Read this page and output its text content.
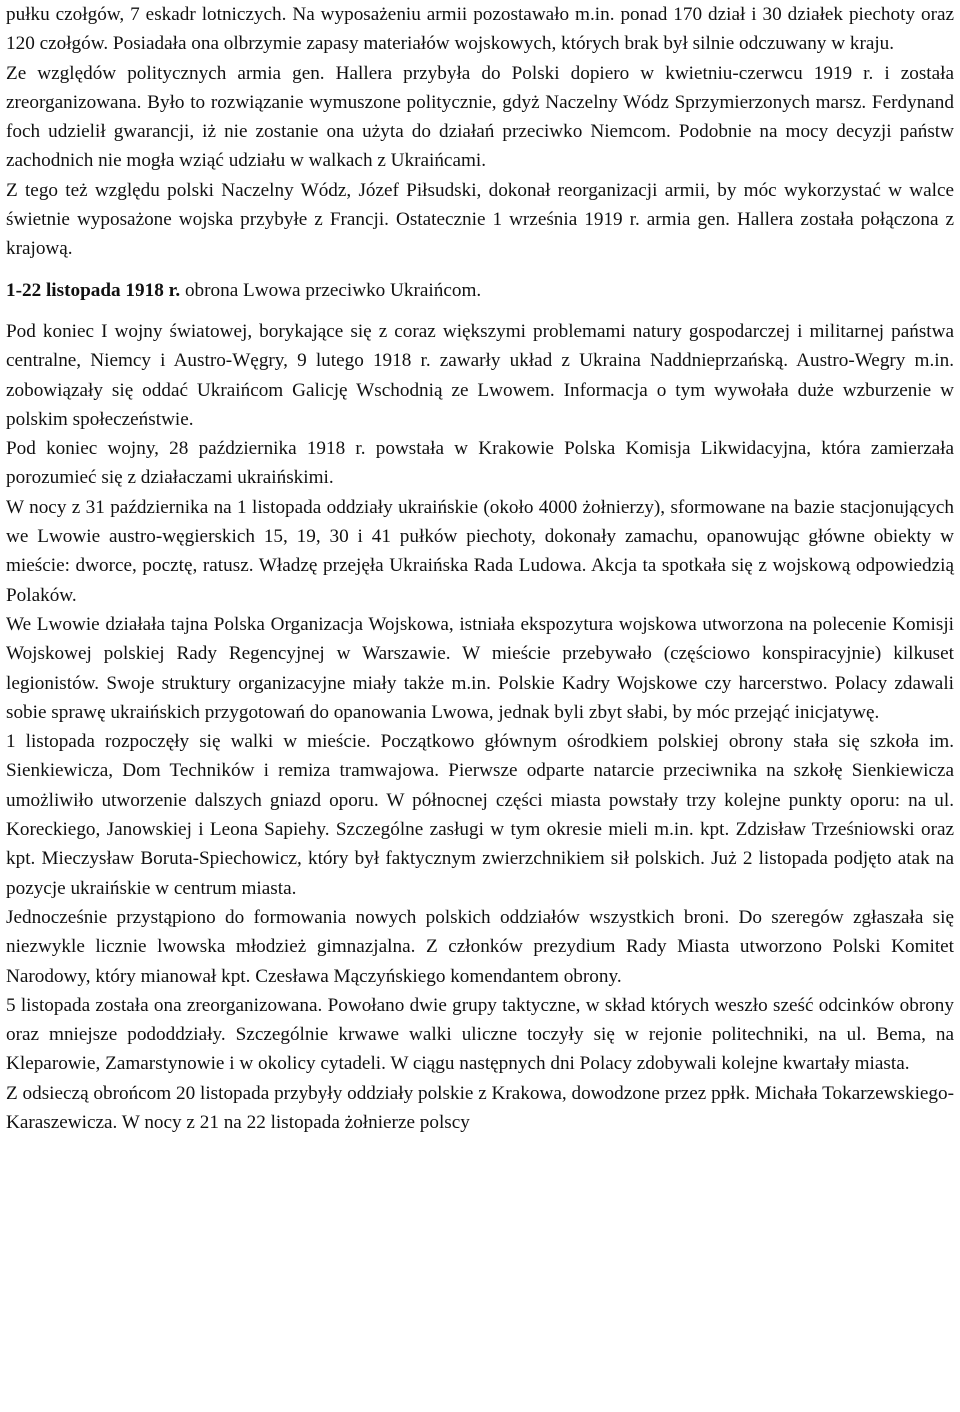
pułku czołgów, 7 eskadr lotniczych. Na wyposażeniu armii pozostawało m.in. ponad 170 dział i 30 działek piechoty oraz 120 czołgów. Posiadała ona olbrzymie zapasy materiałów wojskowych, których brak był silnie odczuwany w kraju.

Ze względów politycznych armia gen. Hallera przybyła do Polski dopiero w kwietniu-czerwcu 1919 r. i została zreorganizowana. Było to rozwiązanie wymuszone politycznie, gdyż Naczelny Wódz Sprzymierzonych marsz. Ferdynand foch udzielił gwarancji, iż nie zostanie ona użyta do działań przeciwko Niemcom. Podobnie na mocy decyzji państw zachodnich nie mogła wziąć udziału w walkach z Ukraińcami.

Z tego też względu polski Naczelny Wódz, Józef Piłsudski, dokonał reorganizacji armii, by móc wykorzystać w walce świetnie wyposażone wojska przybyłe z Francji. Ostatecznie 1 września 1919 r. armia gen. Hallera została połączona z krajową.

1-22 listopada 1918 r. obrona Lwowa przeciwko Ukraińcom.

Pod koniec I wojny światowej, borykające się z coraz większymi problemami natury gospodarczej i militarnej państwa centralne, Niemcy i Austro-Węgry, 9 lutego 1918 r. zawarły układ z Ukraina Naddnieprzańską. Austro-Wegry m.in. zobowiązały się oddać Ukraińcom Galicję Wschodnią ze Lwowem. Informacja o tym wywołała duże wzburzenie w polskim społeczeństwie.

Pod koniec wojny, 28 października 1918 r. powstała w Krakowie Polska Komisja Likwidacyjna, która zamierzała porozumieć się z działaczami ukraińskimi.

W nocy z 31 października na 1 listopada oddziały ukraińskie (około 4000 żołnierzy), sformowane na bazie stacjonujących we Lwowie austro-węgierskich 15, 19, 30 i 41 pułków piechoty, dokonały zamachu, opanowując główne obiekty w mieście: dworce, pocztę, ratusz. Władzę przejęła Ukraińska Rada Ludowa. Akcja ta spotkała się z wojskową odpowiedzią Polaków.

We Lwowie działała tajna Polska Organizacja Wojskowa, istniała ekspozytura wojskowa utworzona na polecenie Komisji Wojskowej polskiej Rady Regencyjnej w Warszawie. W mieście przebywało (częściowo konspiracyjnie) kilkuset legionistów. Swoje struktury organizacyjne miały także m.in. Polskie Kadry Wojskowe czy harcerstwo. Polacy zdawali sobie sprawę ukraińskich przygotowań do opanowania Lwowa, jednak byli zbyt słabi, by móc przejąć inicjatywę.

1 listopada rozpoczęły się walki w mieście. Początkowo głównym ośrodkiem polskiej obrony stała się szkoła im. Sienkiewicza, Dom Techników i remiza tramwajowa. Pierwsze odparte natarcie przeciwnika na szkołę Sienkiewicza umożliwiło utworzenie dalszych gniazd oporu. W północnej części miasta powstały trzy kolejne punkty oporu: na ul. Koreckiego, Janowskiej i Leona Sapiehy. Szczególne zasługi w tym okresie mieli m.in. kpt. Zdzisław Trześniowski oraz kpt. Mieczysław Boruta-Spiechowicz, który był faktycznym zwierzchnikiem sił polskich. Już 2 listopada podjęto atak na pozycje ukraińskie w centrum miasta.

Jednocześnie przystąpiono do formowania nowych polskich oddziałów wszystkich broni. Do szeregów zgłaszała się niezwykle licznie lwowska młodzież gimnazjalna. Z członków prezydium Rady Miasta utworzono Polski Komitet Narodowy, który mianował kpt. Czesława Mączyńskiego komendantem obrony.

5 listopada została ona zreorganizowana. Powołano dwie grupy taktyczne, w skład których weszło sześć odcinków obrony oraz mniejsze pododdziały. Szczególnie krwawe walki uliczne toczyły się w rejonie politechniki, na ul. Bema, na Kleparowie, Zamarstynowie i w okolicy cytadeli. W ciągu następnych dni Polacy zdobywali kolejne kwartały miasta.

Z odsieczą obrońcom 20 listopada przybyły oddziały polskie z Krakowa, dowodzone przez ppłk. Michała Tokarzewskiego-Karaszewicza. W nocy z 21 na 22 listopada żołnierze polscy
